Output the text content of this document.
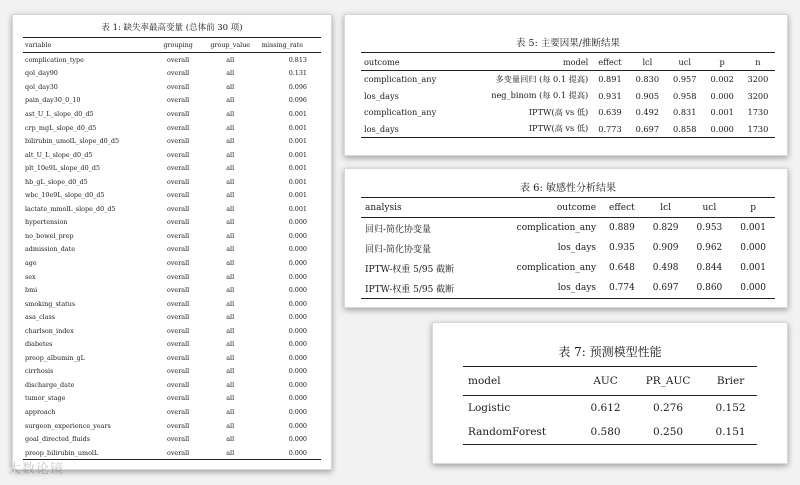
表 1: 缺失率最高变量 (总体前 30 项)
variable	grouping	group_value	missing_rate
complication_type	overall	all	0.813
qol_day90	overall	all	0.131
qol_day30	overall	all	0.096
pain_day30_0_10	overall	all	0.096
ast_U_L_slope_d0_d5	overall	all	0.001
crp_mgL_slope_d0_d5	overall	all	0.001
bilirubin_umolL_slope_d0_d5	overall	all	0.001
alt_U_L_slope_d0_d5	overall	all	0.001
plt_10e9L_slope_d0_d5	overall	all	0.001
hb_gL_slope_d0_d5	overall	all	0.001
wbc_10e9L_slope_d0_d5	overall	all	0.001
lactate_mmolL_slope_d0_d5	overall	all	0.001
hypertension	overall	all	0.000
no_bowel_prep	overall	all	0.000
admission_date	overall	all	0.000
age	overall	all	0.000
sex	overall	all	0.000
bmi	overall	all	0.000
smoking_status	overall	all	0.000
asa_class	overall	all	0.000
charlson_index	overall	all	0.000
diabetes	overall	all	0.000
preop_albumin_gL	overall	all	0.000
cirrhosis	overall	all	0.000
discharge_date	overall	all	0.000
tumor_stage	overall	all	0.000
approach	overall	all	0.000
surgeon_experience_years	overall	all	0.000
goal_directed_fluids	overall	all	0.000
preop_bilirubin_umolL	overall	all	0.000
表 5: 主要因果/推断结果
outcome	model	effect	lcl	ucl	p	n
complication_any	多变量回归 (每 0.1 提高)	0.891	0.830	0.957	0.002	3200
los_days	neg_binom (每 0.1 提高)	0.931	0.905	0.958	0.000	3200
complication_any	IPTW(高 vs 低)	0.639	0.492	0.831	0.001	1730
los_days	IPTW(高 vs 低)	0.773	0.697	0.858	0.000	1730
表 6: 敏感性分析结果
analysis	outcome	effect	lcl	ucl	p
回归-简化协变量	complication_any	0.889	0.829	0.953	0.001
回归-简化协变量	los_days	0.935	0.909	0.962	0.000
IPTW-权重 5/95 截断	complication_any	0.648	0.498	0.844	0.001
IPTW-权重 5/95 截断	los_days	0.774	0.697	0.860	0.000
表 7: 预测模型性能
model	AUC	PR_AUC	Brier
Logistic	0.612	0.276	0.152
RandomForest	0.580	0.250	0.151
大数论镜
